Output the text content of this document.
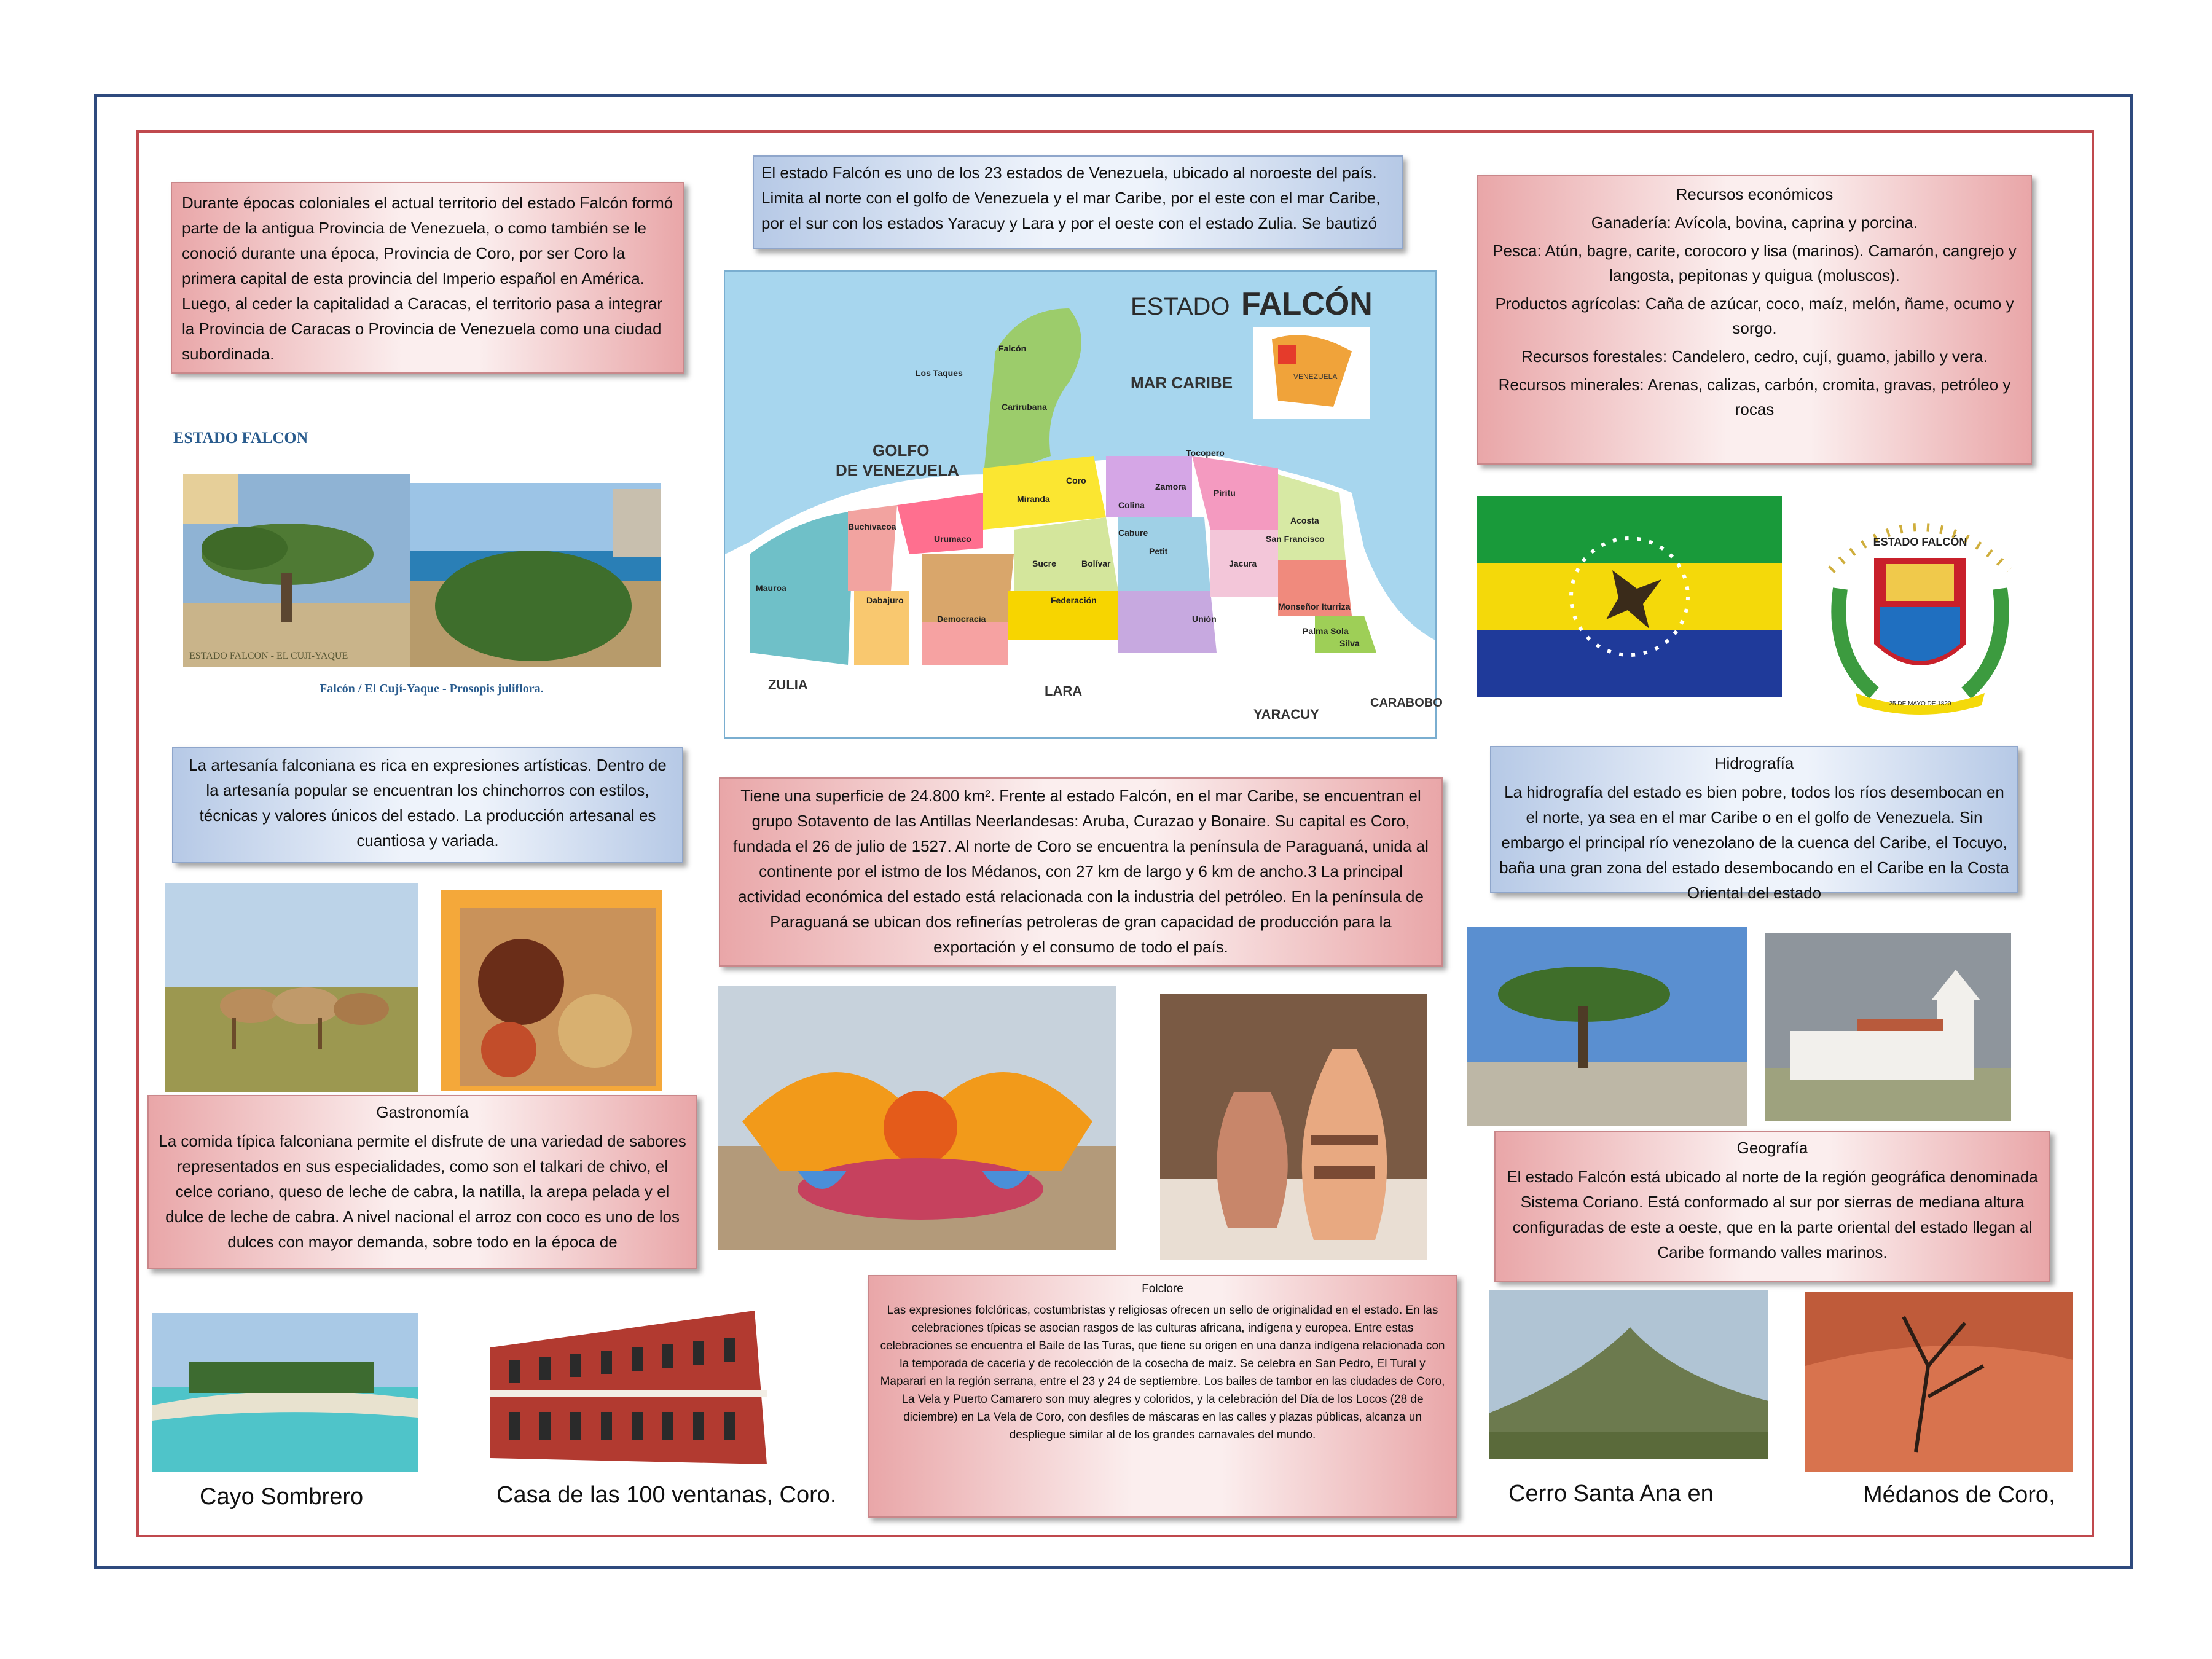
Durante épocas coloniales el actual territorio del estado Falcón formó parte de la antigua Provincia de Venezuela, o como también se le conoció durante una época, Provincia de Coro, por ser Coro la primera capital de esta provincia del Imperio español en América. Luego, al ceder la capitalidad a Caracas, el territorio pasa a integrar la Provincia de Caracas o Provincia de Venezuela como una ciudad subordinada.
El estado Falcón es uno de los 23 estados de Venezuela, ubicado al noroeste del país. Limita al norte con el golfo de Venezuela y el mar Caribe, por el este con el mar Caribe, por el sur con los estados Yaracuy y Lara y por el oeste con el estado Zulia. Se bautizó
Recursos económicos
Ganadería: Avícola, bovina, caprina y porcina.
Pesca: Atún, bagre, carite, corocoro y lisa (marinos). Camarón, cangrejo y langosta, pepitonas y quigua (moluscos).
Productos agrícolas: Caña de azúcar, coco, maíz, melón, ñame, ocumo y sorgo.
Recursos forestales: Candelero, cedro, cují, guamo, jabillo y vera.
Recursos minerales: Arenas, calizas, carbón, cromita, gravas, petróleo y rocas
ESTADO FALCON
ESTADO FALCON - EL CUJI-YAQUE
Falcón / El Cují-Yaque - Prosopis juliflora.
ESTADO FALCÓN
MAR CARIBE
GOLFO
DE VENEZUELA
ZULIA	LARA
YARACUY
CARABOBO
VENEZUELA
Falcón
Los Taques
Carirubana
Miranda
Coro
Colina
Zamora
Píritu
Tocopero
Acosta
Buchivacoa
Urumaco
Sucre	Bolívar
Petit
Jacura
Mauroa
Dabajuro
Democracia
Federación
Unión
Monseñor Iturriza
Palma Sola
Silva
Cabure
San Francisco	ESTADO FALCÓN
25 DE MAYO DE 1820
La artesanía falconiana es rica en expresiones artísticas. Dentro de la artesanía popular se encuentran los chinchorros con estilos, técnicas y valores únicos del estado. La producción artesanal es cuantiosa y variada.
Tiene una superficie de 24.800 km². Frente al estado Falcón, en el mar Caribe, se encuentran el grupo Sotavento de las Antillas Neerlandesas: Aruba, Curazao y Bonaire. Su capital es Coro, fundada el 26 de julio de 1527. Al norte de Coro se encuentra la península de Paraguaná, unida al continente por el istmo de los Médanos, con 27 km de largo y 6 km de ancho.3 La principal actividad económica del estado está relacionada con la industria del petróleo. En la península de Paraguaná se ubican dos refinerías petroleras de gran capacidad de producción para la exportación y el consumo de todo el país.
Hidrografía
La hidrografía del estado es bien pobre, todos los ríos desembocan en el norte, ya sea en el mar Caribe o en el golfo de Venezuela. Sin embargo el principal río venezolano de la cuenca del Caribe, el Tocuyo, baña una gran zona del estado desembocando en el Caribe en la Costa Oriental del estado
Gastronomía
La comida típica falconiana permite el disfrute de una variedad de sabores representados en sus especialidades, como son el talkari de chivo, el celce coriano, queso de leche de cabra, la natilla, la arepa pelada y el dulce de leche de cabra. A nivel nacional el arroz con coco es uno de los dulces con mayor demanda, sobre todo en la época de
Geografía
El estado Falcón está ubicado al norte de la región geográfica denominada Sistema Coriano. Está conformado al sur por sierras de mediana altura configuradas de este a oeste, que en la parte oriental del estado llegan al Caribe formando valles marinos.
Folclore
Las expresiones folclóricas, costumbristas y religiosas ofrecen un sello de originalidad en el estado. En las celebraciones típicas se asocian rasgos de las culturas africana, indígena y europea. Entre estas celebraciones se encuentra el Baile de las Turas, que tiene su origen en una danza indígena relacionada con la temporada de cacería y de recolección de la cosecha de maíz. Se celebra en San Pedro, El Tural y Maparari en la región serrana, entre el 23 y 24 de septiembre. Los bailes de tambor en las ciudades de Coro, La Vela y Puerto Camarero son muy alegres y coloridos, y la celebración del Día de los Locos (28 de diciembre) en La Vela de Coro, con desfiles de máscaras en las calles y plazas públicas, alcanza un despliegue similar al de los grandes carnavales del mundo.
Cayo Sombrero	Casa de las 100 ventanas, Coro.	Cerro Santa Ana en	Médanos de Coro,
